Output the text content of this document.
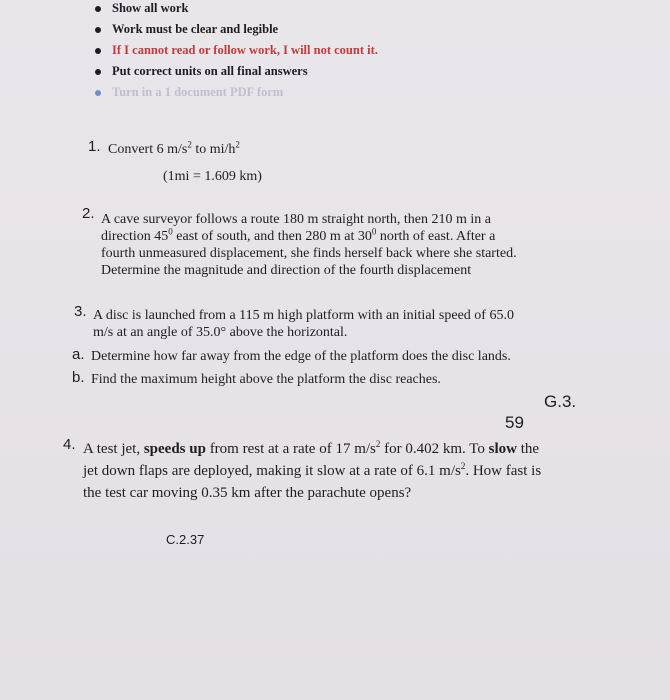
Show all work
Work must be clear and legible
If I cannot read or follow work, I will not count it.
Put correct units on all final answers
Turn in a 1 document PDF form
1. Convert 6 $m/s^2$ to $mi/h^2$
(1mi = 1.609 km)
2. A cave surveyor follows a route 180 m straight north, then 210 m in a
direction $45^0$ east of south, and then 280 m at $30^0$ north of east. After a
fourth unmeasured displacement, she finds herself back where she started.
Determine the magnitude and direction of the fourth displacement
3. A disc is launched from a 115 m high platform with an initial speed of 65.0
m/s at an angle of 35.0° above the horizontal.
a. Determine how far away from the edge of the platform does the disc lands.
b. Find the maximum height above the platform the disc reaches.
G.3.
59
4. A test jet, speeds up from rest at a rate of 17 $m/s^2$ for 0.402 km. To slow the
jet down flaps are deployed, making it slow at a rate of 6.1 $m/s^2$. How fast is
the test car moving 0.35 km after the parachute opens?
C.2.37
